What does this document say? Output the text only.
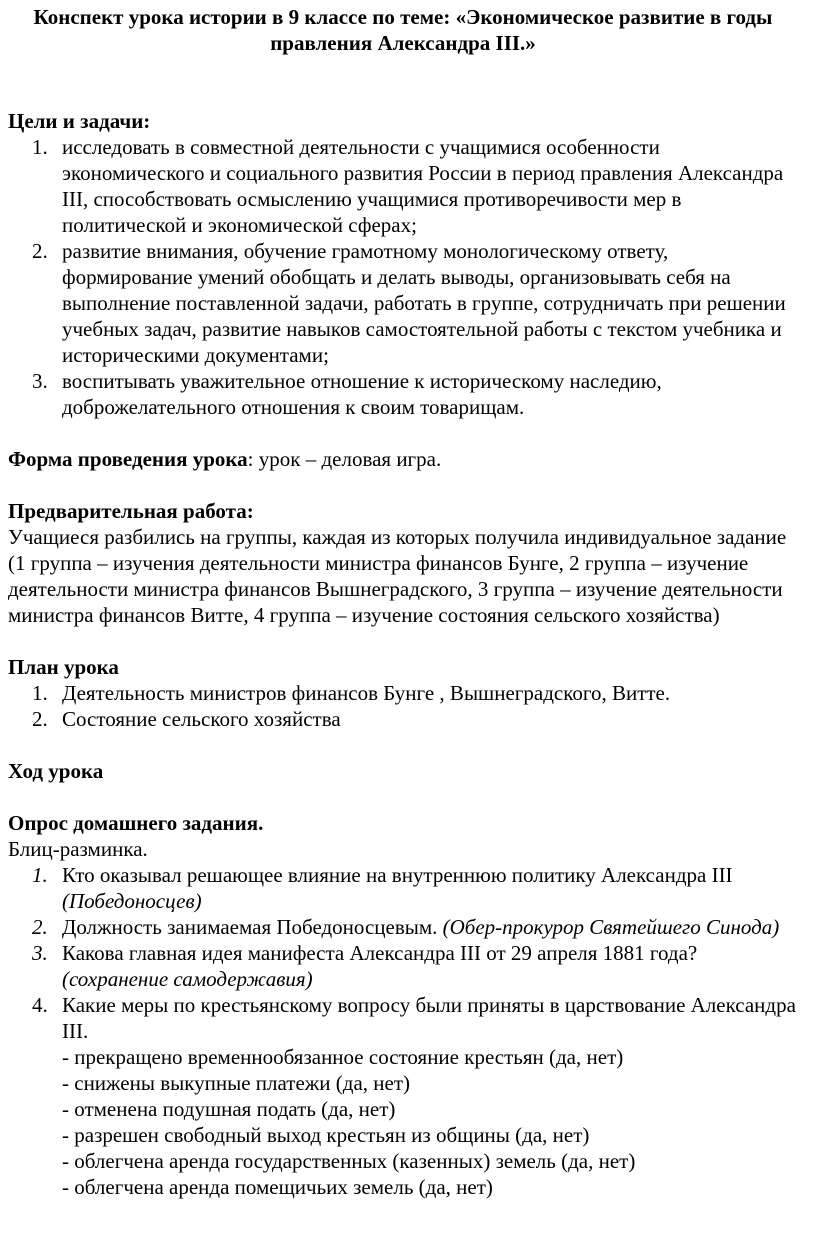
Конспект урока истории в 9 классе по теме: «Экономическое развитие в годы правления Александра III.»

Цели и задачи:

1. исследовать в совместной деятельности с учащимися особенности экономического и социального развития России в период правления Александра III, способствовать осмыслению учащимися противоречивости мер в политической и экономической сферах;
2. развитие внимания, обучение грамотному монологическому ответу, формирование умений обобщать и делать выводы, организовывать себя на выполнение поставленной задачи, работать в группе, сотрудничать при решении учебных задач, развитие навыков самостоятельной работы с текстом учебника и историческими документами;
3. воспитывать уважительное отношение к историческому наследию, доброжелательного отношения к своим товарищам.

Форма проведения урока: урок – деловая игра.

Предварительная работа:

Учащиеся разбились на группы, каждая из которых получила индивидуальное задание (1 группа – изучения деятельности министра финансов Бунге, 2 группа – изучение деятельности министра финансов Вышнеградского, 3 группа – изучение деятельности министра финансов Витте, 4 группа – изучение состояния сельского хозяйства)

План урока

1. Деятельность министров финансов Бунге , Вышнеградского, Витте.
2. Состояние сельского хозяйства

Ход урока

Опрос домашнего задания.

Блиц-разминка.

1. Кто оказывал решающее влияние на внутреннюю политику Александра III (Победоносцев)
2. Должность занимаемая Победоносцевым. (Обер-прокурор Святейшего Синода)
3. Какова главная идея манифеста Александра III от 29 апреля 1881 года? (сохранение самодержавия)
4. Какие меры по крестьянскому вопросу были приняты в царствование Александра III.
- прекращено временнообязанное состояние крестьян (да, нет)
- снижены выкупные платежи (да, нет)
- отменена подушная подать (да, нет)
- разрешен свободный выход крестьян из общины (да, нет)
- облегчена аренда государственных (казенных) земель (да, нет)
- облегчена аренда помещичьих земель (да, нет)
